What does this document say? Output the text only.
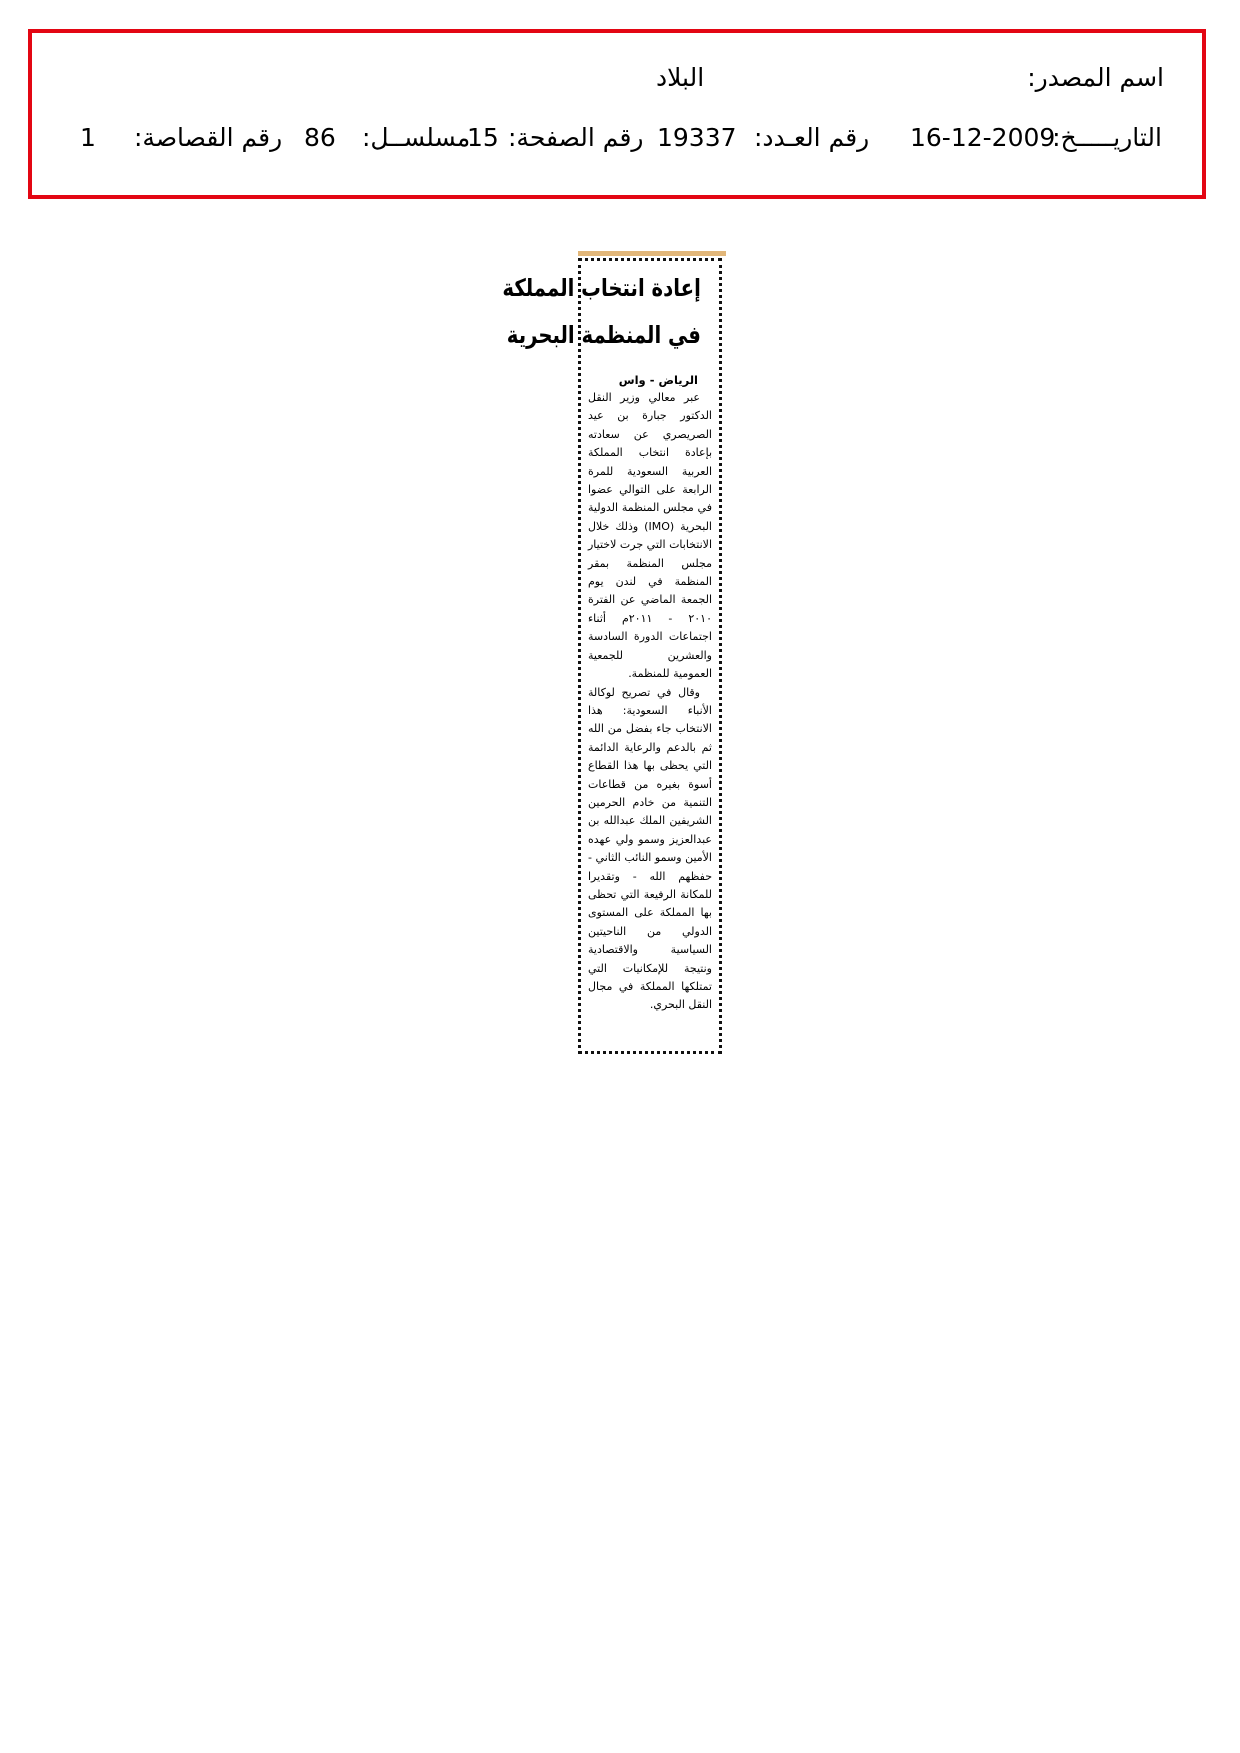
اسم المصدر:
البلاد
التاريـــــخ:
16-12-2009
رقم العـدد:
19337
رقم الصفحة:
15
مسلســل:
86
رقم القصاصة:
1
إعادة انتخاب المملكة
في المنظمة البحرية
الرياض - واس

عبر معالي وزير النقل الدكتور جبارة بن عيد الصريصري عن سعادته بإعادة انتخاب المملكة العربية السعودية للمرة الرابعة على التوالي عضوا في مجلس المنظمة الدولية البحرية (IMO) وذلك خلال الانتخابات التي جرت لاختيار مجلس المنظمة بمقر المنظمة في لندن يوم الجمعة الماضي عن الفترة ٢٠١٠ - ٢٠١١م أثناء اجتماعات الدورة السادسة والعشرين للجمعية العمومية للمنظمة.

وقال في تصريح لوكالة الأنباء السعودية: هذا الانتخاب جاء بفضل من الله ثم بالدعم والرعاية الدائمة التي يحظى بها هذا القطاع أسوة بغيره من قطاعات التنمية من خادم الحرمين الشريفين الملك عبدالله بن عبدالعزيز وسمو ولي عهده الأمين وسمو النائب الثاني - حفظهم الله - وتقديرا للمكانة الرفيعة التي تحظى بها المملكة على المستوى الدولي من الناحيتين السياسية والاقتصادية ونتيجة للإمكانيات التي تمتلكها المملكة في مجال النقل البحري.
